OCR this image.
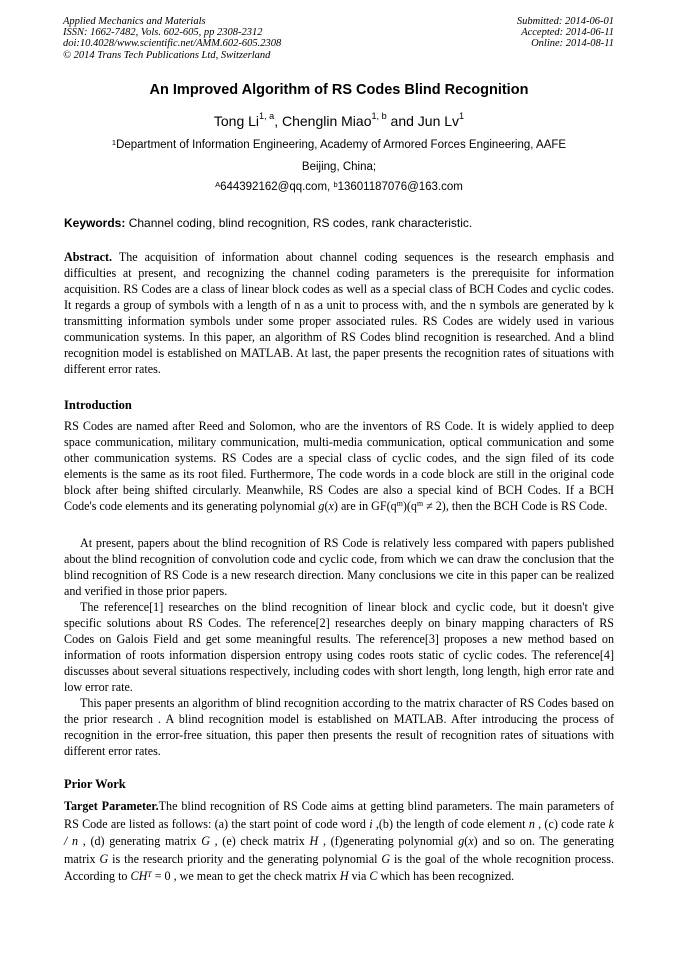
Applied Mechanics and Materials
ISSN: 1662-7482, Vols. 602-605, pp 2308-2312
doi:10.4028/www.scientific.net/AMM.602-605.2308
© 2014 Trans Tech Publications Ltd, Switzerland
Submitted: 2014-06-01
Accepted: 2014-06-11
Online: 2014-08-11
An Improved Algorithm of RS Codes Blind Recognition
Tong Li$^{1, a}$, Chenglin Miao$^{1, b}$ and Jun Lv$^1$
$^1$Department of Information Engineering, Academy of Armored Forces Engineering, AAFE
Beijing, China;
$^A$644392162@qq.com, $^b$13601187076@163.com
Keywords: Channel coding, blind recognition, RS codes, rank characteristic.
Abstract. The acquisition of information about channel coding sequences is the research emphasis and difficulties at present, and recognizing the channel coding parameters is the prerequisite for information acquisition. RS Codes are a class of linear block codes as well as a special class of BCH Codes and cyclic codes. It regards a group of symbols with a length of n as a unit to process with, and the n symbols are generated by k transmitting information symbols under some proper associated rules. RS Codes are widely used in various communication systems. In this paper, an algorithm of RS Codes blind recognition is researched. And a blind recognition model is established on MATLAB. At last, the paper presents the recognition rates of situations with different error rates.
Introduction
RS Codes are named after Reed and Solomon, who are the inventors of RS Code. It is widely applied to deep space communication, military communication, multi-media communication, optical communication and some other communication systems. RS Codes are a special class of cyclic codes, and the sign filed of its code elements is the same as its root filed. Furthermore, The code words in a code block are still in the original code block after being shifted circularly. Meanwhile, RS Codes are also a special kind of BCH Codes. If a BCH Code's code elements and its generating polynomial g(x) are in $GF(q^m)(q^m \ne 2)$, then the BCH Code is RS Code.
At present, papers about the blind recognition of RS Code is relatively less compared with papers published about the blind recognition of convolution code and cyclic code, from which we can draw the conclusion that the blind recognition of RS Code is a new research direction. Many conclusions we cite in this paper can be realized and verified in those prior papers.
The reference[1] researches on the blind recognition of linear block and cyclic code, but it doesn't give specific solutions about RS Codes. The reference[2] researches deeply on binary mapping characters of RS Codes on Galois Field and get some meaningful results. The reference[3] proposes a new method based on information of roots information dispersion entropy using codes roots static of cyclic codes. The reference[4] discusses about several situations respectively, including codes with short length, long length, high error rate and low error rate.
This paper presents an algorithm of blind recognition according to the matrix character of RS Codes based on the prior research . A blind recognition model is established on MATLAB. After introducing the process of recognition in the error-free situation, this paper then presents the result of recognition rates of situations with different error rates.
Prior Work
Target Parameter.The blind recognition of RS Code aims at getting blind parameters. The main parameters of RS Code are listed as follows: (a) the start point of code word i ,(b) the length of code element n , (c) code rate k / n , (d) generating matrix G , (e) check matrix H , (f)generating polynomial g(x) and so on. The generating matrix G is the research priority and the generating polynomial G is the goal of the whole recognition process. According to $CH^T = 0$ , we mean to get the check matrix H via C which has been recognized.
